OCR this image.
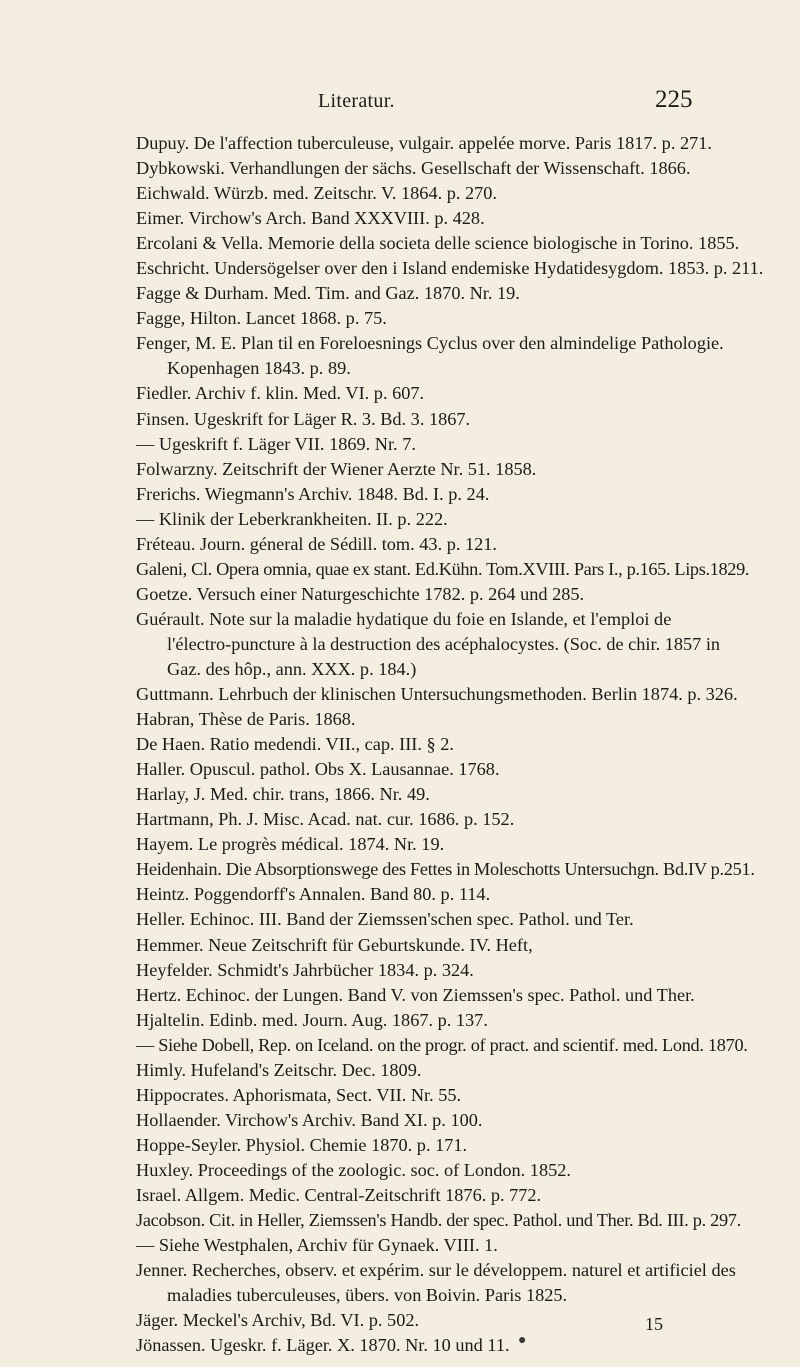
Literatur.	225
Dupuy. De l'affection tuberculeuse, vulgair. appelée morve. Paris 1817. p. 271.
Dybkowski. Verhandlungen der sächs. Gesellschaft der Wissenschaft. 1866.
Eichwald. Würzb. med. Zeitschr. V. 1864. p. 270.
Eimer. Virchow's Arch. Band XXXVIII. p. 428.
Ercolani & Vella. Memorie della societa delle science biologische in Torino. 1855.
Eschricht. Undersögelser over den i Island endemiske Hydatidesygdom. 1853. p. 211.
Fagge & Durham. Med. Tim. and Gaz. 1870. Nr. 19.
Fagge, Hilton. Lancet 1868. p. 75.
Fenger, M. E. Plan til en Foreloesnings Cyclus over den almindelige Pathologie. Kopenhagen 1843. p. 89.
Fiedler. Archiv f. klin. Med. VI. p. 607.
Finsen. Ugeskrift for Läger R. 3. Bd. 3. 1867.
— Ugeskrift f. Läger VII. 1869. Nr. 7.
Folwarzny. Zeitschrift der Wiener Aerzte Nr. 51. 1858.
Frerichs. Wiegmann's Archiv. 1848. Bd. I. p. 24.
— Klinik der Leberkrankheiten. II. p. 222.
Fréteau. Journ. géneral de Sédill. tom. 43. p. 121.
Galeni, Cl. Opera omnia, quae ex stant. Ed.Kühn. Tom.XVIII. Pars I., p.165. Lips.1829.
Goetze. Versuch einer Naturgeschichte 1782. p. 264 und 285.
Guérault. Note sur la maladie hydatique du foie en Islande, et l'emploi de l'électro-puncture à la destruction des acéphalocystes. (Soc. de chir. 1857 in Gaz. des hôp., ann. XXX. p. 184.)
Guttmann. Lehrbuch der klinischen Untersuchungsmethoden. Berlin 1874. p. 326.
Habran, Thèse de Paris. 1868.
De Haen. Ratio medendi. VII., cap. III. § 2.
Haller. Opuscul. pathol. Obs X. Lausannae. 1768.
Harlay, J. Med. chir. trans, 1866. Nr. 49.
Hartmann, Ph. J. Misc. Acad. nat. cur. 1686. p. 152.
Hayem. Le progrès médical. 1874. Nr. 19.
Heidenhain. Die Absorptionswege des Fettes in Moleschotts Untersuchgn. Bd.IV p.251.
Heintz. Poggendorff's Annalen. Band 80. p. 114.
Heller. Echinoc. III. Band der Ziemssen'schen spec. Pathol. und Ter.
Hemmer. Neue Zeitschrift für Geburtskunde. IV. Heft,
Heyfelder. Schmidt's Jahrbücher 1834. p. 324.
Hertz. Echinoc. der Lungen. Band V. von Ziemssen's spec. Pathol. und Ther.
Hjaltelin. Edinb. med. Journ. Aug. 1867. p. 137.
— Siehe Dobell, Rep. on Iceland. on the progr. of pract. and scientif. med. Lond. 1870.
Himly. Hufeland's Zeitschr. Dec. 1809.
Hippocrates. Aphorismata, Sect. VII. Nr. 55.
Hollaender. Virchow's Archiv. Band XI. p. 100.
Hoppe-Seyler. Physiol. Chemie 1870. p. 171.
Huxley. Proceedings of the zoologic. soc. of London. 1852.
Israel. Allgem. Medic. Central-Zeitschrift 1876. p. 772.
Jacobson. Cit. in Heller, Ziemssen's Handb. der spec. Pathol. und Ther. Bd. III. p. 297.
— Siehe Westphalen, Archiv für Gynaek. VIII. 1.
Jenner. Recherches, observ. et expérim. sur le développem. naturel et artificiel des maladies tuberculeuses, übers. von Boivin. Paris 1825.
Jäger. Meckel's Archiv, Bd. VI. p. 502.
Jönassen. Ugeskr. f. Läger. X. 1870. Nr. 10 und 11.
15
●
